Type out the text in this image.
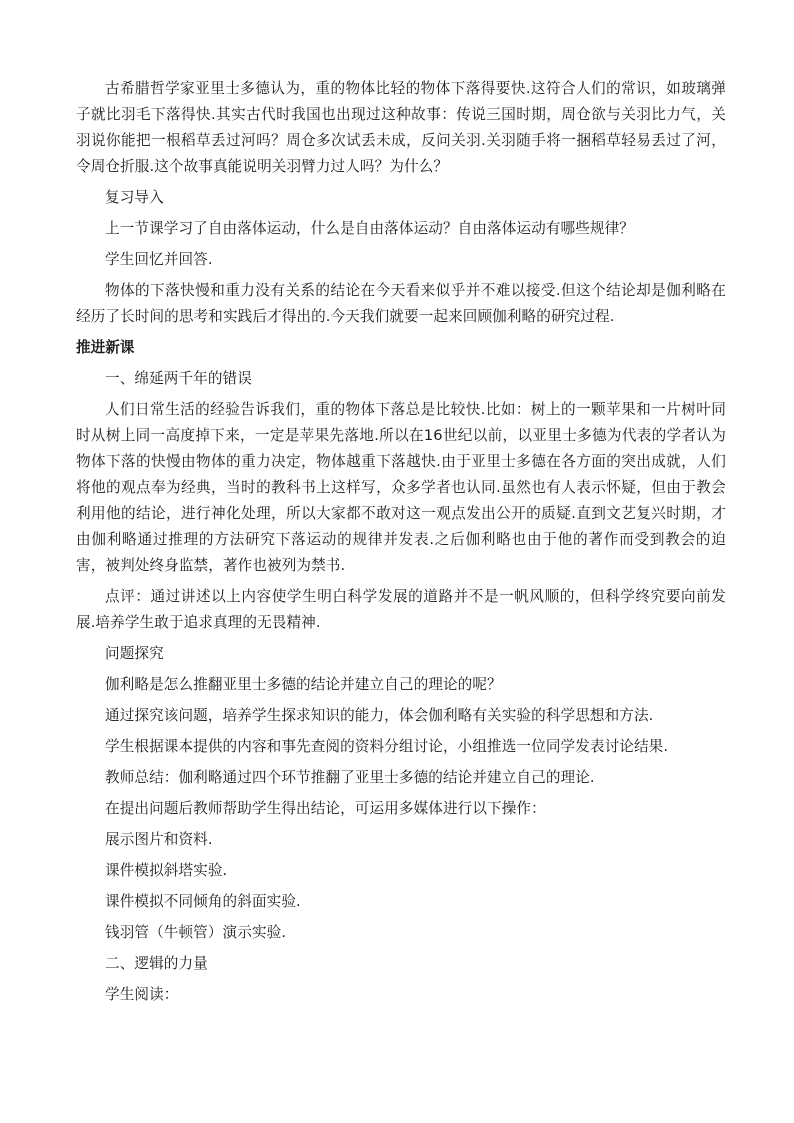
古希腊哲学家亚里士多德认为，重的物体比轻的物体下落得要快.这符合人们的常识，如玻璃弹子就比羽毛下落得快.其实古代时我国也出现过这种故事：传说三国时期，周仓欲与关羽比力气，关羽说你能把一根稻草丢过河吗？周仓多次试丢未成，反问关羽.关羽随手将一捆稻草轻易丢过了河，令周仓折服.这个故事真能说明关羽臂力过人吗？为什么？

复习导入

上一节课学习了自由落体运动，什么是自由落体运动？自由落体运动有哪些规律？

学生回忆并回答.

物体的下落快慢和重力没有关系的结论在今天看来似乎并不难以接受.但这个结论却是伽利略在经历了长时间的思考和实践后才得出的.今天我们就要一起来回顾伽利略的研究过程.

推进新课

一、绵延两千年的错误

人们日常生活的经验告诉我们，重的物体下落总是比较快.比如：树上的一颗苹果和一片树叶同时从树上同一高度掉下来，一定是苹果先落地.所以在16世纪以前，以亚里士多德为代表的学者认为物体下落的快慢由物体的重力决定，物体越重下落越快.由于亚里士多德在各方面的突出成就，人们将他的观点奉为经典，当时的教科书上这样写，众多学者也认同.虽然也有人表示怀疑，但由于教会利用他的结论，进行神化处理，所以大家都不敢对这一观点发出公开的质疑.直到文艺复兴时期，才由伽利略通过推理的方法研究下落运动的规律并发表.之后伽利略也由于他的著作而受到教会的迫害，被判处终身监禁，著作也被列为禁书.

点评：通过讲述以上内容使学生明白科学发展的道路并不是一帆风顺的，但科学终究要向前发展.培养学生敢于追求真理的无畏精神.

问题探究

伽利略是怎么推翻亚里士多德的结论并建立自己的理论的呢？

通过探究该问题，培养学生探求知识的能力，体会伽利略有关实验的科学思想和方法.

学生根据课本提供的内容和事先查阅的资料分组讨论，小组推选一位同学发表讨论结果.

教师总结：伽利略通过四个环节推翻了亚里士多德的结论并建立自己的理论.

在提出问题后教师帮助学生得出结论，可运用多媒体进行以下操作：

展示图片和资料.

课件模拟斜塔实验.

课件模拟不同倾角的斜面实验.

钱羽管（牛顿管）演示实验.

二、逻辑的力量

学生阅读：
